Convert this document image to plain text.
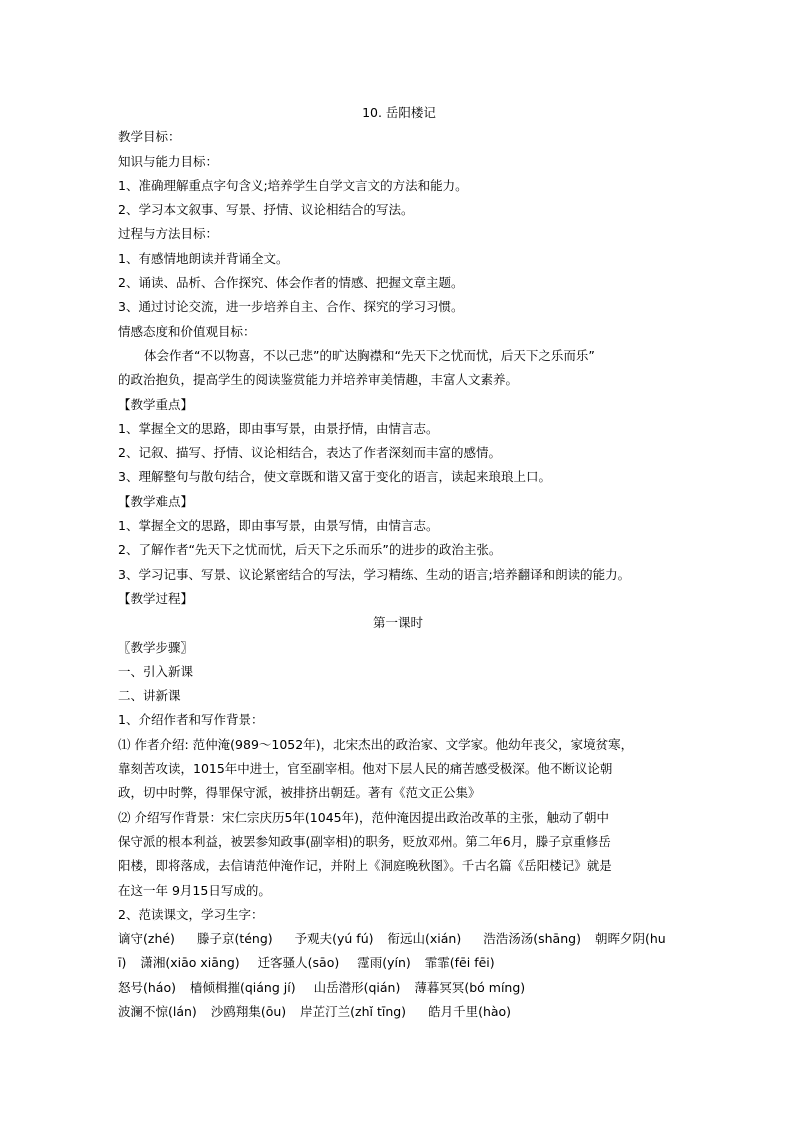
10. 岳阳楼记
教学目标：
知识与能力目标：
1、准确理解重点字句含义;培养学生自学文言文的方法和能力。
2、学习本文叙事、写景、抒情、议论相结合的写法。
过程与方法目标：
1、有感情地朗读并背诵全文。
2、诵读、品析、合作探究、体会作者的情感、把握文章主题。
3、通过讨论交流，进一步培养自主、合作、探究的学习习惯。
情感态度和价值观目标：
体会作者“不以物喜，不以己悲”的旷达胸襟和“先天下之忧而忧，后天下之乐而乐”
的政治抱负，提高学生的阅读鉴赏能力并培养审美情趣，丰富人文素养。
【教学重点】
1、掌握全文的思路，即由事写景，由景抒情，由情言志。
2、记叙、描写、抒情、议论相结合，表达了作者深刻而丰富的感情。
3、理解整句与散句结合，使文章既和谐又富于变化的语言，读起来琅琅上口。
【教学难点】
1、掌握全文的思路，即由事写景，由景写情，由情言志。
2、了解作者“先天下之忧而忧，后天下之乐而乐”的进步的政治主张。
3、学习记事、写景、议论紧密结合的写法，学习精练、生动的语言;培养翻译和朗读的能力。
【教学过程】
第一课时
〖教学步骤〗
一、引入新课
二、讲新课
1、介绍作者和写作背景：
⑴ 作者介绍: 范仲淹(989～1052年)，北宋杰出的政治家、文学家。他幼年丧父，家境贫寒，
靠刻苦攻读，1015年中进士，官至副宰相。他对下层人民的痛苦感受极深。他不断议论朝
政，切中时弊，得罪保守派，被排挤出朝廷。著有《范文正公集》
⑵ 介绍写作背景：宋仁宗庆历5年(1045年)，范仲淹因提出政治改革的主张，触动了朝中
保守派的根本利益，被罢参知政事(副宰相)的职务，贬放邓州。第二年6月，滕子京重修岳
阳楼，即将落成，去信请范仲淹作记，并附上《洞庭晚秋图》。千古名篇《岳阳楼记》就是
在这一年 9月15日写成的。
2、范读课文，学习生字：
谪守(zhé) 滕子京(téng) 予观夫(yú fú) 衔远山(xián) 浩浩汤汤(shāng) 朝晖夕阴(hu
ī) 潇湘(xiāo xiāng) 迁客骚人(sāo) 霪雨(yín) 霏霏(fēi fēi)
怒号(háo) 樯倾楫摧(qiáng jí) 山岳潜形(qián) 薄暮冥冥(bó míng)
波澜不惊(lán) 沙鸥翔集(ōu) 岸芷汀兰(zhǐ tīng) 皓月千里(hào)
